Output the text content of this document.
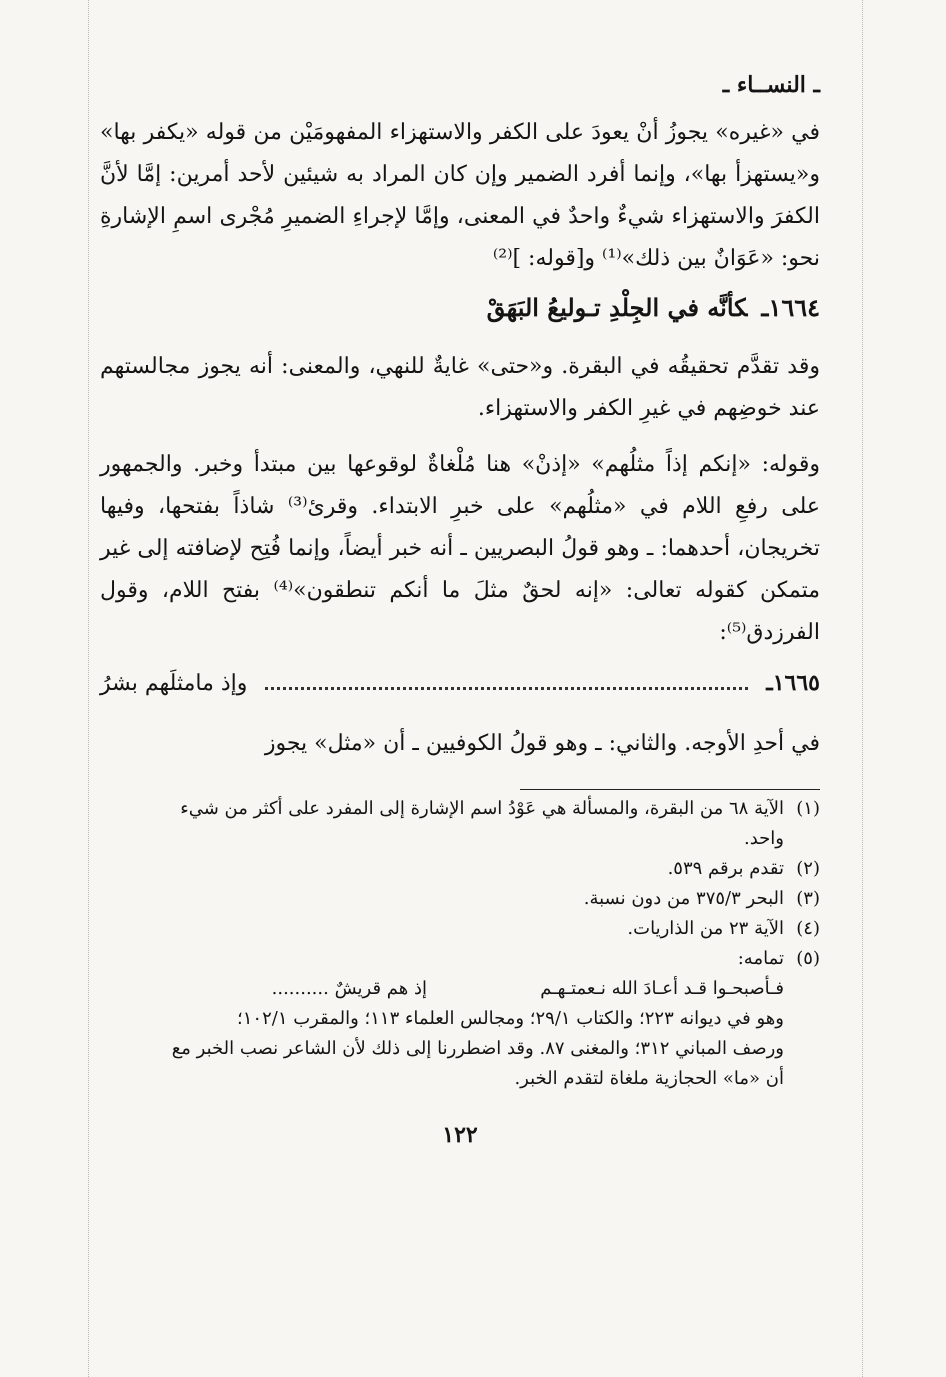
ـ النســاء ـ

في «غيره» يجوزُ أنْ يعودَ على الكفر والاستهزاء المفهومَيْن من قوله «يكفر بها» و«يستهزأ بها»، وإنما أفرد الضمير وإن كان المراد به شيئين لأحد أمرين: إمَّا لأنَّ الكفرَ والاستهزاء شيءٌ واحدٌ في المعنى، وإمَّا لإجراءِ الضميرِ مُجْرى اسمِ الإشارةِ نحو: «عَوَانٌ بين ذلك»⁽¹⁾ و[قوله: ]⁽²⁾

١٦٦٤ـكأنَّه في الجِلْدِ تـوليعُ البَهَقْ

وقد تقدَّم تحقيقُه في البقرة. و«حتى» غايةٌ للنهي، والمعنى: أنه يجوز مجالستهم عند خوضِهم في غيرِ الكفر والاستهزاء.

وقوله: «إنكم إذاً مثلُهم» «إذنْ» هنا مُلْغاةٌ لوقوعها بين مبتدأ وخبر. والجمهور على رفعِ اللام في «مثلُهم» على خبرِ الابتداء. وقرئ⁽³⁾ شاذاً بفتحها، وفيها تخريجان، أحدهما: ـ وهو قولُ البصريين ـ أنه خبر أيضاً، وإنما فُتِح لإضافته إلى غير متمكن كقوله تعالى: «إنه لحقٌ مثلَ ما أنكم تنطقون»⁽⁴⁾ بفتح اللام، وقول الفرزدق⁽⁵⁾:

١٦٦٥ـ
وإذ مامثلَهم بشرُ

في أحدِ الأوجه. والثاني: ـ وهو قولُ الكوفيين ـ أن «مثل» يجوز

(١)
الآية ٦٨ من البقرة، والمسألة هي عَوْدُ اسم الإشارة إلى المفرد على أكثر من شيء
واحد.
(٢)
تقدم برقم ٥٣٩.
(٣)
البحر ٣٧٥/٣ من دون نسبة.
(٤)
الآية ٢٣ من الذاريات.
(٥)
تمامه:
فـأصبحـوا قـد أعـادَ الله نـعمتـهـم
إذ هم قريشٌ ..........
وهو في ديوانه ٢٢٣؛ والكتاب ٢٩/١؛ ومجالس العلماء ١١٣؛ والمقرب ١٠٢/١؛
ورصف المباني ٣١٢؛ والمغنى ٨٧. وقد اضطررنا إلى ذلك لأن الشاعر نصب الخبر مع
أن «ما» الحجازية ملغاة لتقدم الخبر.
١٢٢
